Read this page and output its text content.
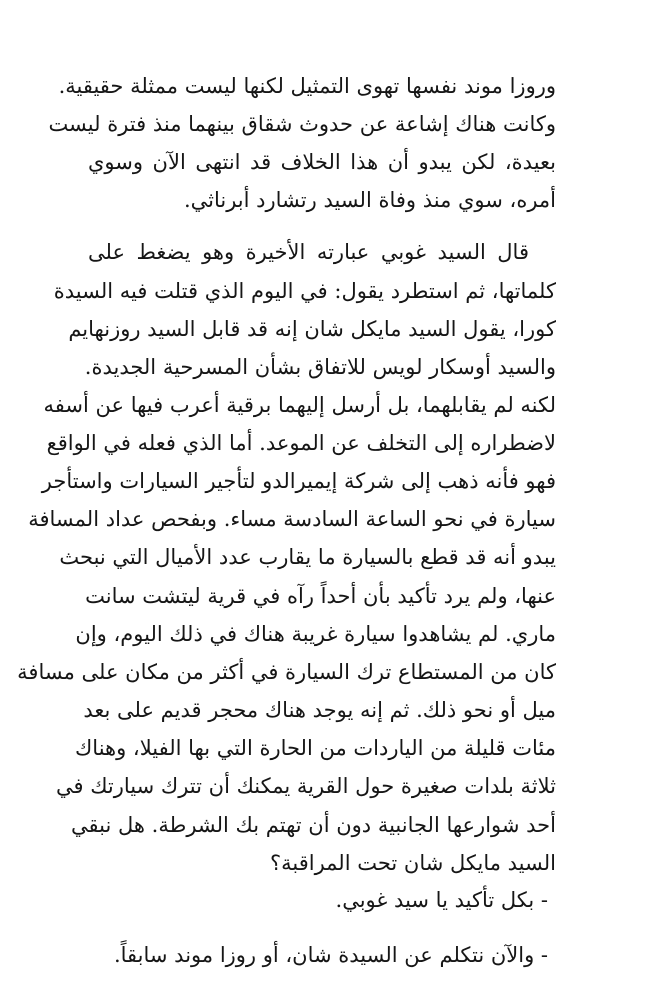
وروزا موند نفسها تهوى التمثيل لكنها ليست ممثلة حقيقية.
وكانت هناك إشاعة عن حدوث شقاق بينهما منذ فترة ليست
بعيدة، لكن يبدو أن هذا الخلاف قد انتهى الآن وسوي
أمره، سوي منذ وفاة السيد رتشارد أبرناثي.
قال السيد غوبي عبارته الأخيرة وهو يضغط على
كلماتها، ثم استطرد يقول: في اليوم الذي قتلت فيه السيدة
كورا، يقول السيد مايكل شان إنه قد قابل السيد روزنهايم
والسيد أوسكار لويس للاتفاق بشأن المسرحية الجديدة.
لكنه لم يقابلهما، بل أرسل إليهما برقية أعرب فيها عن أسفه
لاضطراره إلى التخلف عن الموعد. أما الذي فعله في الواقع
فهو فأنه ذهب إلى شركة إيميرالدو لتأجير السيارات واستأجر
سيارة في نحو الساعة السادسة مساء. وبفحص عداد المسافة
يبدو أنه قد قطع بالسيارة ما يقارب عدد الأميال التي نبحث
عنها، ولم يرد تأكيد بأن أحداً رآه في قرية ليتشت سانت
ماري. لم يشاهدوا سيارة غريبة هناك في ذلك اليوم، وإن
كان من المستطاع ترك السيارة في أكثر من مكان على مسافة
ميل أو نحو ذلك. ثم إنه يوجد هناك محجر قديم على بعد
مئات قليلة من الياردات من الحارة التي بها الفيلا، وهناك
ثلاثة بلدات صغيرة حول القرية يمكنك أن تترك سيارتك في
أحد شوارعها الجانبية دون أن تهتم بك الشرطة. هل نبقي
السيد مايكل شان تحت المراقبة؟
- بكل تأكيد يا سيد غوبي.
- والآن نتكلم عن السيدة شان، أو روزا موند سابقاً.
